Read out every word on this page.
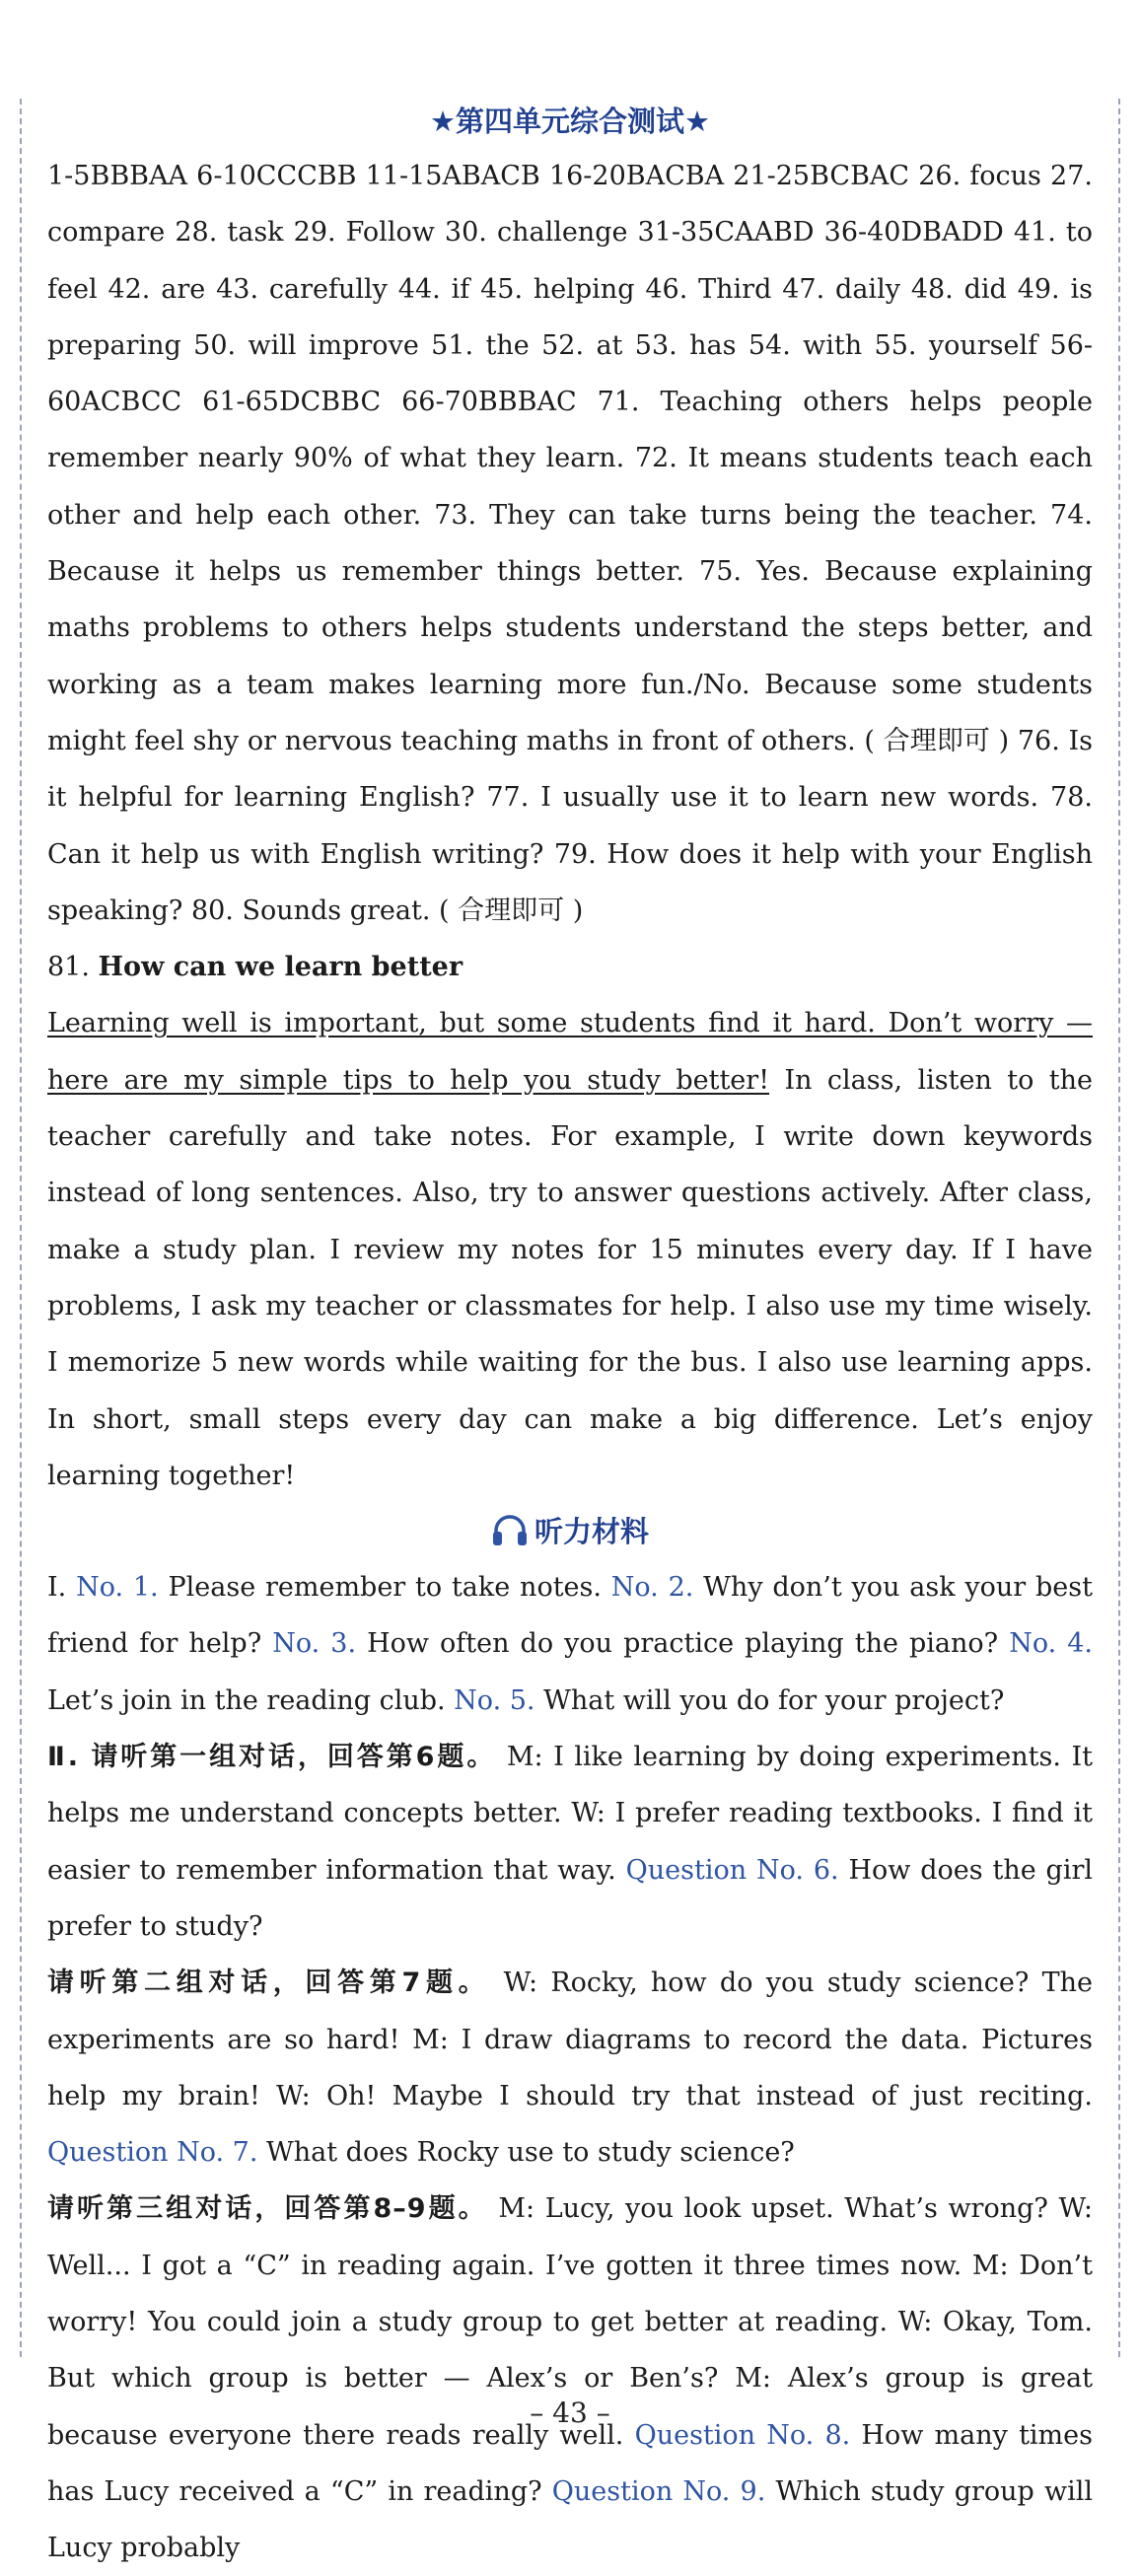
★第四单元综合测试★

1-5BBBAA 6-10CCCBB 11-15ABACB 16-20BACBA 21-25BCBAC 26. focus 27. compare 28. task 29. Follow 30. challenge 31-35CAABD 36-40DBADD 41. to feel 42. are 43. carefully 44. if 45. helping 46. Third 47. daily 48. did 49. is preparing 50. will improve 51. the 52. at 53. has 54. with 55. yourself 56-60ACBCC 61-65DCBBC 66-70BBBAC 71. Teaching others helps people remember nearly 90% of what they learn. 72. It means students teach each other and help each other. 73. They can take turns being the teacher. 74. Because it helps us remember things better. 75. Yes. Because explaining maths problems to others helps students understand the steps better, and working as a team makes learning more fun./No. Because some students might feel shy or nervous teaching maths in front of others. ( 合理即可 ) 76. Is it helpful for learning English? 77. I usually use it to learn new words. 78. Can it help us with English writing? 79. How does it help with your English speaking? 80. Sounds great. ( 合理即可 )

81. How can we learn better

Learning well is important, but some students find it hard. Don’t worry — here are my simple tips to help you study better! In class, listen to the teacher carefully and take notes. For example, I write down keywords instead of long sentences. Also, try to answer questions actively. After class, make a study plan. I review my notes for 15 minutes every day. If I have problems, I ask my teacher or classmates for help. I also use my time wisely. I memorize 5 new words while waiting for the bus. I also use learning apps. In short, small steps every day can make a big difference. Let’s enjoy learning together!

听力材料

I. No. 1. Please remember to take notes. No. 2. Why don’t you ask your best friend for help? No. 3. How often do you practice playing the piano? No. 4. Let’s join in the reading club. No. 5. What will you do for your project?

Ⅱ. 请听第一组对话，回答第6题。 M: I like learning by doing experiments. It helps me understand concepts better. W: I prefer reading textbooks. I find it easier to remember information that way. Question No. 6. How does the girl prefer to study?

请听第二组对话，回答第7题。 W: Rocky, how do you study science? The experiments are so hard! M: I draw diagrams to record the data. Pictures help my brain! W: Oh! Maybe I should try that instead of just reciting. Question No. 7. What does Rocky use to study science?

请听第三组对话，回答第8–9题。 M: Lucy, you look upset. What’s wrong? W: Well... I got a “C” in reading again. I’ve gotten it three times now. M: Don’t worry! You could join a study group to get better at reading. W: Okay, Tom. But which group is better — Alex’s or Ben’s? M: Alex’s group is great because everyone there reads really well. Question No. 8. How many times has Lucy received a “C” in reading? Question No. 9. Which study group will Lucy probably

– 43 –
